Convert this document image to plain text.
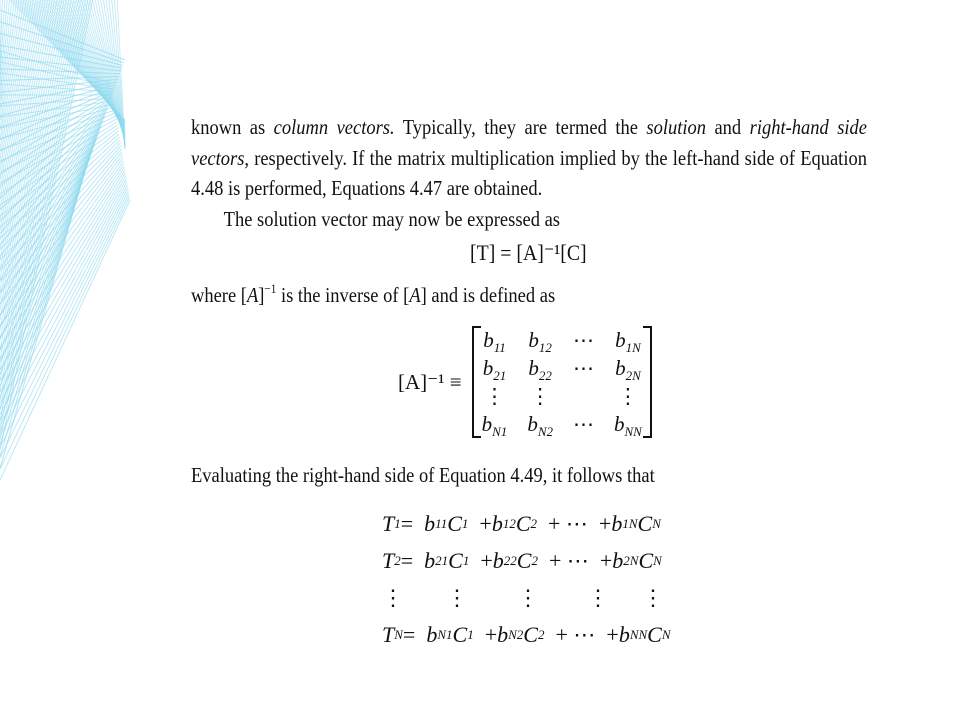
known as column vectors. Typically, they are termed the solution and right-hand side vectors, respectively. If the matrix multiplication implied by the left-hand side of Equation 4.48 is performed, Equations 4.47 are obtained.

The solution vector may now be expressed as

[T] = [A]⁻¹[C]
where $[A]^{-1}$ is the inverse of [A] and is defined as
[A]⁻¹ ≡
$b_{11}$	$b_{12}$	⋯	$b_{1N}$
$b_{21}$	$b_{22}$	⋯	$b_{2N}$
⋮	⋮		⋮
$b_{N1}$	$b_{N2}$	⋯	$b_{NN}$
Evaluating the right-hand side of Equation 4.49, it follows that
T 1 = b 11 C 1 + b 12 C 2 + ⋯  + b 1N C N
T 2 = b 21 C 1 + b 22 C 2 + ⋯  + b 2N C N
⋮ ⋮ ⋮ ⋮ ⋮
T N = b N1 C 1 + b N2 C 2 + ⋯  + b NN C N
